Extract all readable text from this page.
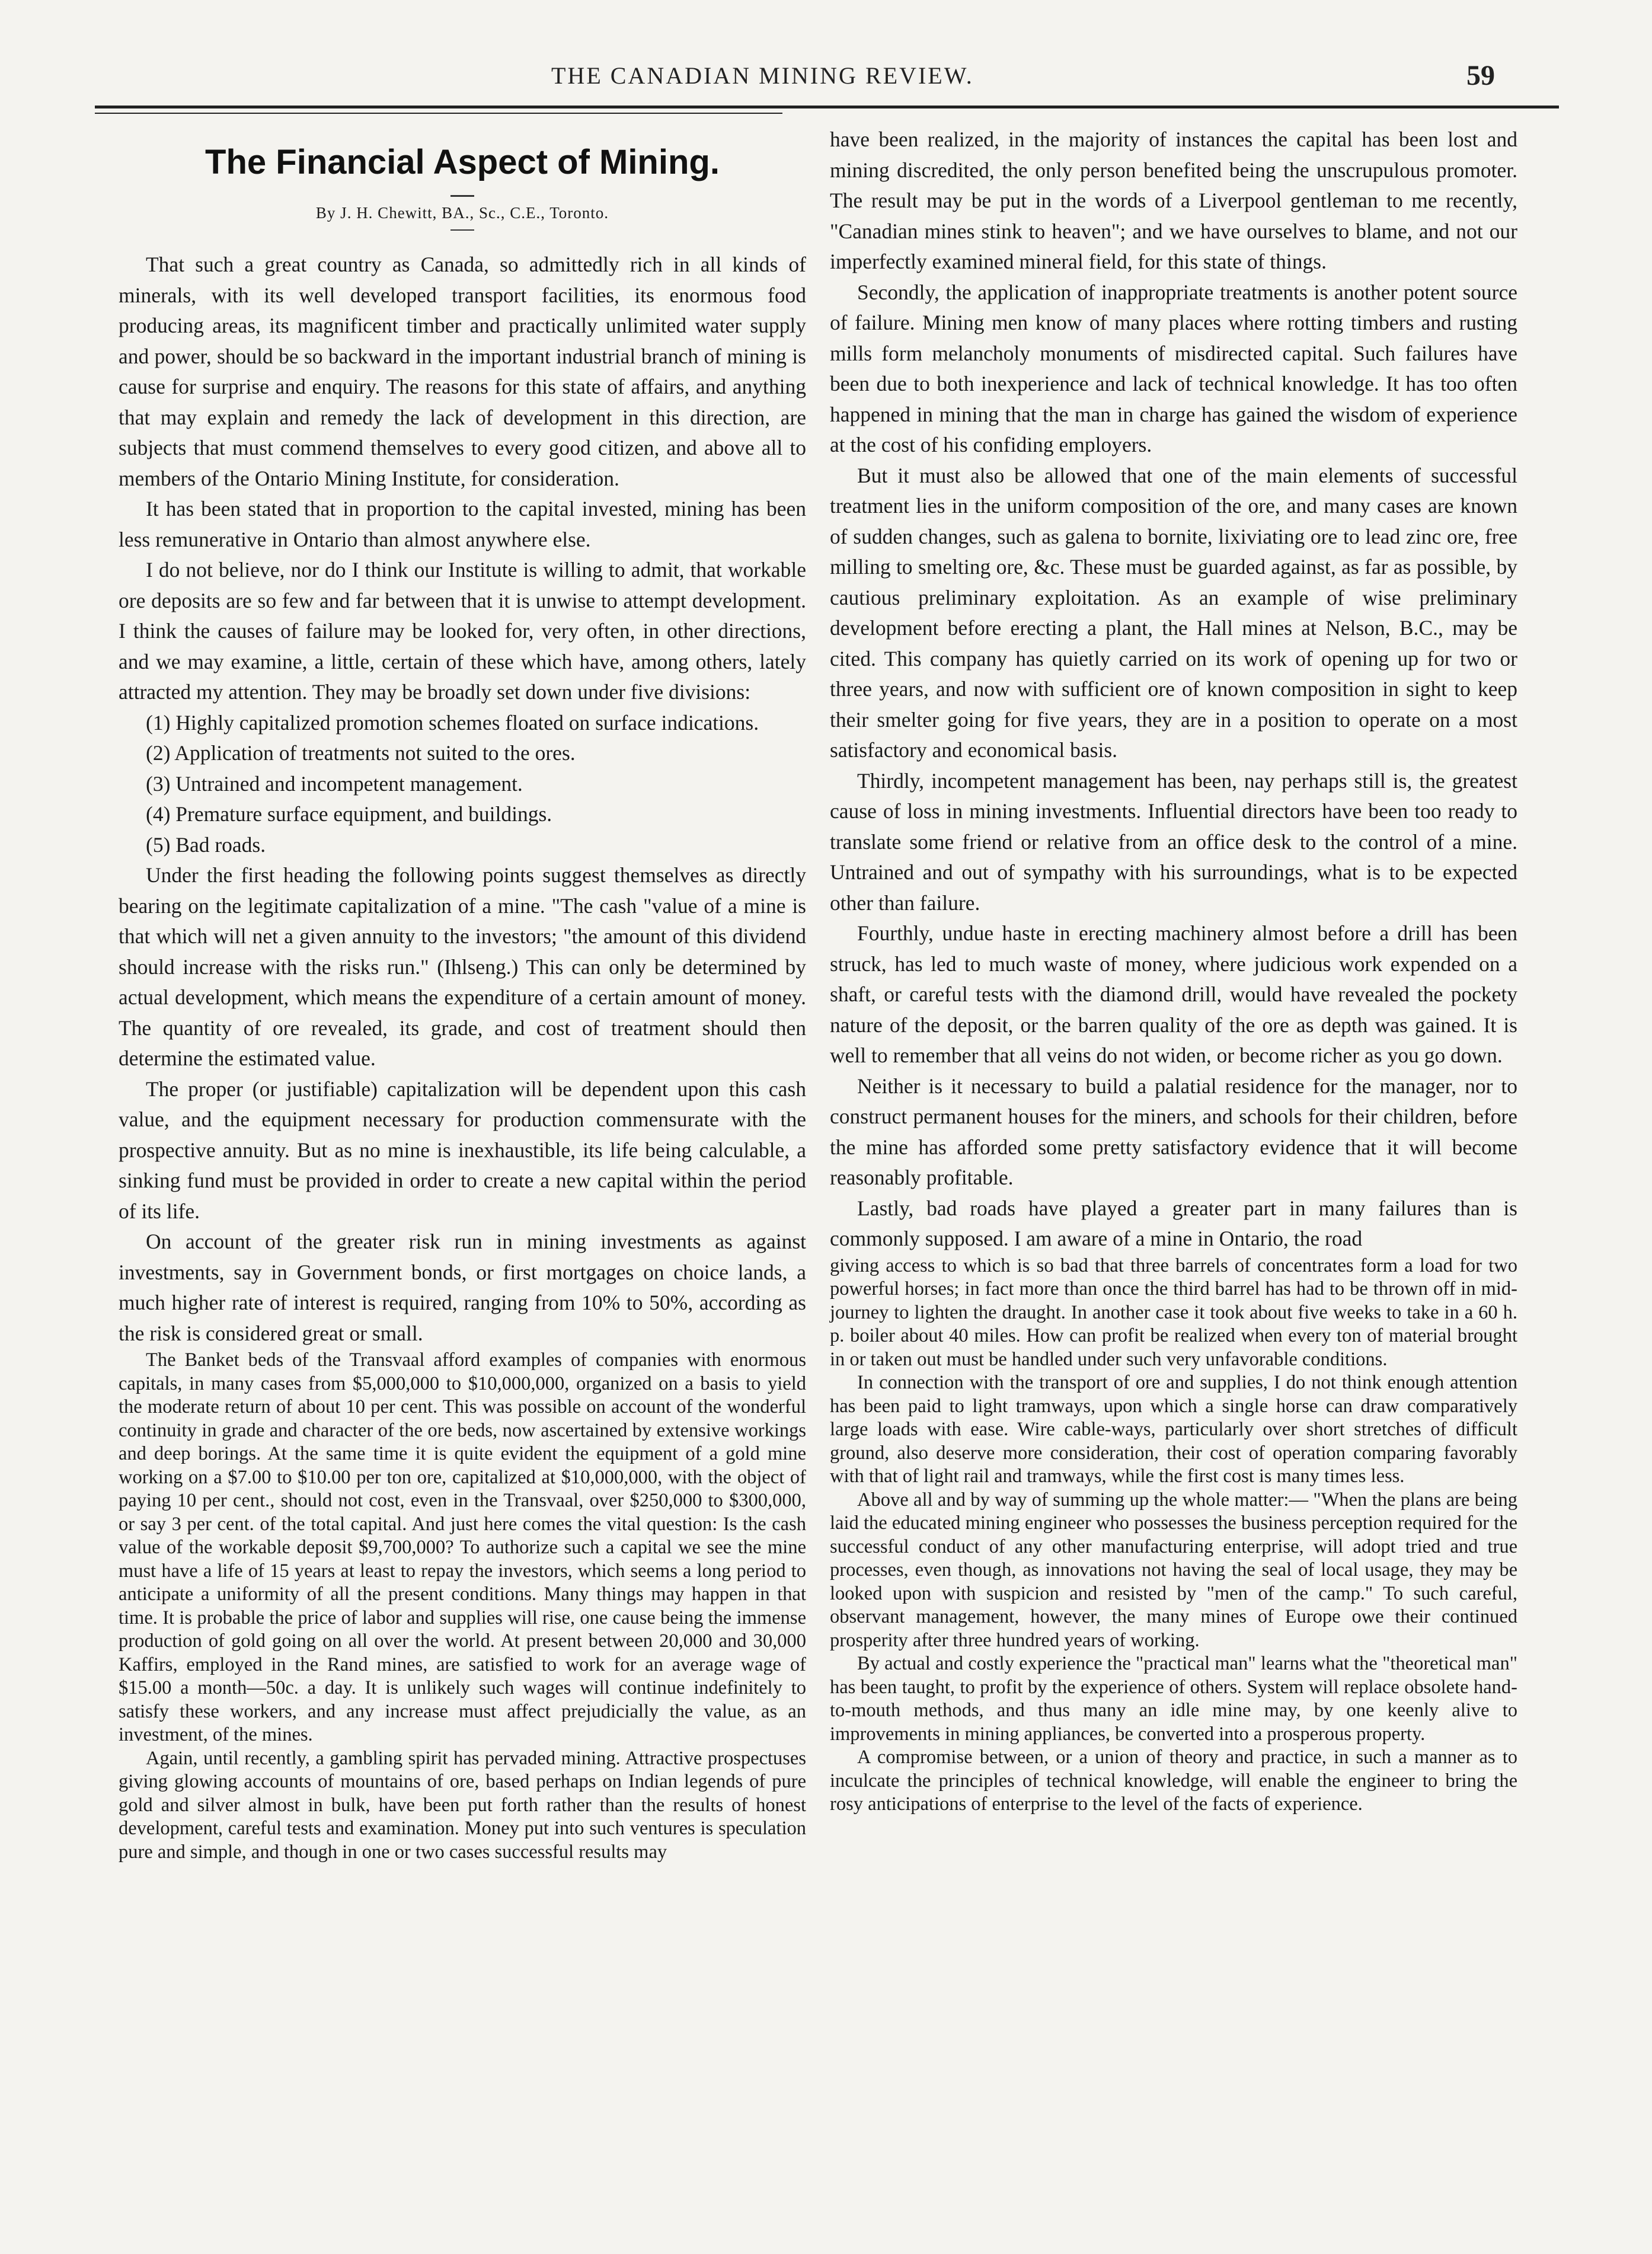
THE CANADIAN MINING REVIEW.	59
The Financial Aspect of Mining.
By J. H. Chewitt, BA., Sc., C.E., Toronto.

That such a great country as Canada, so admittedly rich in all kinds of minerals, with its well developed transport facilities, its enormous food producing areas, its magnificent timber and practically unlimited water supply and power, should be so backward in the important industrial branch of mining is cause for surprise and enquiry. The reasons for this state of affairs, and anything that may explain and remedy the lack of development in this direction, are subjects that must commend themselves to every good citizen, and above all to members of the Ontario Mining Institute, for consideration.

It has been stated that in proportion to the capital invested, mining has been less remunerative in Ontario than almost anywhere else.

I do not believe, nor do I think our Institute is willing to admit, that workable ore deposits are so few and far between that it is unwise to attempt development. I think the causes of failure may be looked for, very often, in other directions, and we may examine, a little, certain of these which have, among others, lately attracted my attention. They may be broadly set down under five divisions:

(1) Highly capitalized promotion schemes floated on surface indications.

(2) Application of treatments not suited to the ores.

(3) Untrained and incompetent management.

(4) Premature surface equipment, and buildings.

(5) Bad roads.

Under the first heading the following points suggest themselves as directly bearing on the legitimate capitalization of a mine. "The cash "value of a mine is that which will net a given annuity to the investors; "the amount of this dividend should increase with the risks run." (Ihlseng.) This can only be determined by actual development, which means the expenditure of a certain amount of money. The quantity of ore revealed, its grade, and cost of treatment should then determine the estimated value.

The proper (or justifiable) capitalization will be dependent upon this cash value, and the equipment necessary for production commensurate with the prospective annuity. But as no mine is inexhaustible, its life being calculable, a sinking fund must be provided in order to create a new capital within the period of its life.

On account of the greater risk run in mining investments as against investments, say in Government bonds, or first mortgages on choice lands, a much higher rate of interest is required, ranging from 10% to 50%, according as the risk is considered great or small.

The Banket beds of the Transvaal afford examples of companies with enormous capitals, in many cases from $5,000,000 to $10,000,000, organized on a basis to yield the moderate return of about 10 per cent. This was possible on account of the wonderful continuity in grade and character of the ore beds, now ascertained by extensive workings and deep borings. At the same time it is quite evident the equipment of a gold mine working on a $7.00 to $10.00 per ton ore, capitalized at $10,000,000, with the object of paying 10 per cent., should not cost, even in the Transvaal, over $250,000 to $300,000, or say 3 per cent. of the total capital. And just here comes the vital question: Is the cash value of the workable deposit $9,700,000? To authorize such a capital we see the mine must have a life of 15 years at least to repay the investors, which seems a long period to anticipate a uniformity of all the present conditions. Many things may happen in that time. It is probable the price of labor and supplies will rise, one cause being the immense production of gold going on all over the world. At present between 20,000 and 30,000 Kaffirs, employed in the Rand mines, are satisfied to work for an average wage of $15.00 a month—50c. a day. It is unlikely such wages will continue indefinitely to satisfy these workers, and any increase must affect prejudicially the value, as an investment, of the mines.

Again, until recently, a gambling spirit has pervaded mining. Attractive prospectuses giving glowing accounts of mountains of ore, based perhaps on Indian legends of pure gold and silver almost in bulk, have been put forth rather than the results of honest development, careful tests and examination. Money put into such ventures is speculation pure and simple, and though in one or two cases successful results may

have been realized, in the majority of instances the capital has been lost and mining discredited, the only person benefited being the unscrupulous promoter. The result may be put in the words of a Liverpool gentleman to me recently, "Canadian mines stink to heaven"; and we have ourselves to blame, and not our imperfectly examined mineral field, for this state of things.

Secondly, the application of inappropriate treatments is another potent source of failure. Mining men know of many places where rotting timbers and rusting mills form melancholy monuments of misdirected capital. Such failures have been due to both inexperience and lack of technical knowledge. It has too often happened in mining that the man in charge has gained the wisdom of experience at the cost of his confiding employers.

But it must also be allowed that one of the main elements of successful treatment lies in the uniform composition of the ore, and many cases are known of sudden changes, such as galena to bornite, lixiviating ore to lead zinc ore, free milling to smelting ore, &c. These must be guarded against, as far as possible, by cautious preliminary exploitation. As an example of wise preliminary development before erecting a plant, the Hall mines at Nelson, B.C., may be cited. This company has quietly carried on its work of opening up for two or three years, and now with sufficient ore of known composition in sight to keep their smelter going for five years, they are in a position to operate on a most satisfactory and economical basis.

Thirdly, incompetent management has been, nay perhaps still is, the greatest cause of loss in mining investments. Influential directors have been too ready to translate some friend or relative from an office desk to the control of a mine. Untrained and out of sympathy with his surroundings, what is to be expected other than failure.

Fourthly, undue haste in erecting machinery almost before a drill has been struck, has led to much waste of money, where judicious work expended on a shaft, or careful tests with the diamond drill, would have revealed the pockety nature of the deposit, or the barren quality of the ore as depth was gained. It is well to remember that all veins do not widen, or become richer as you go down.

Neither is it necessary to build a palatial residence for the manager, nor to construct permanent houses for the miners, and schools for their children, before the mine has afforded some pretty satisfactory evidence that it will become reasonably profitable.

Lastly, bad roads have played a greater part in many failures than is commonly supposed. I am aware of a mine in Ontario, the road

giving access to which is so bad that three barrels of concentrates form a load for two powerful horses; in fact more than once the third barrel has had to be thrown off in mid-journey to lighten the draught. In another case it took about five weeks to take in a 60 h. p. boiler about 40 miles. How can profit be realized when every ton of material brought in or taken out must be handled under such very unfavorable conditions.

In connection with the transport of ore and supplies, I do not think enough attention has been paid to light tramways, upon which a single horse can draw comparatively large loads with ease. Wire cable-ways, particularly over short stretches of difficult ground, also deserve more consideration, their cost of operation comparing favorably with that of light rail and tramways, while the first cost is many times less.

Above all and by way of summing up the whole matter:— "When the plans are being laid the educated mining engineer who possesses the business perception required for the successful conduct of any other manufacturing enterprise, will adopt tried and true processes, even though, as innovations not having the seal of local usage, they may be looked upon with suspicion and resisted by "men of the camp." To such careful, observant management, however, the many mines of Europe owe their continued prosperity after three hundred years of working.

By actual and costly experience the "practical man" learns what the "theoretical man" has been taught, to profit by the experience of others. System will replace obsolete hand-to-mouth methods, and thus many an idle mine may, by one keenly alive to improvements in mining appliances, be converted into a prosperous property.

A compromise between, or a union of theory and practice, in such a manner as to inculcate the principles of technical knowledge, will enable the engineer to bring the rosy anticipations of enterprise to the level of the facts of experience.
